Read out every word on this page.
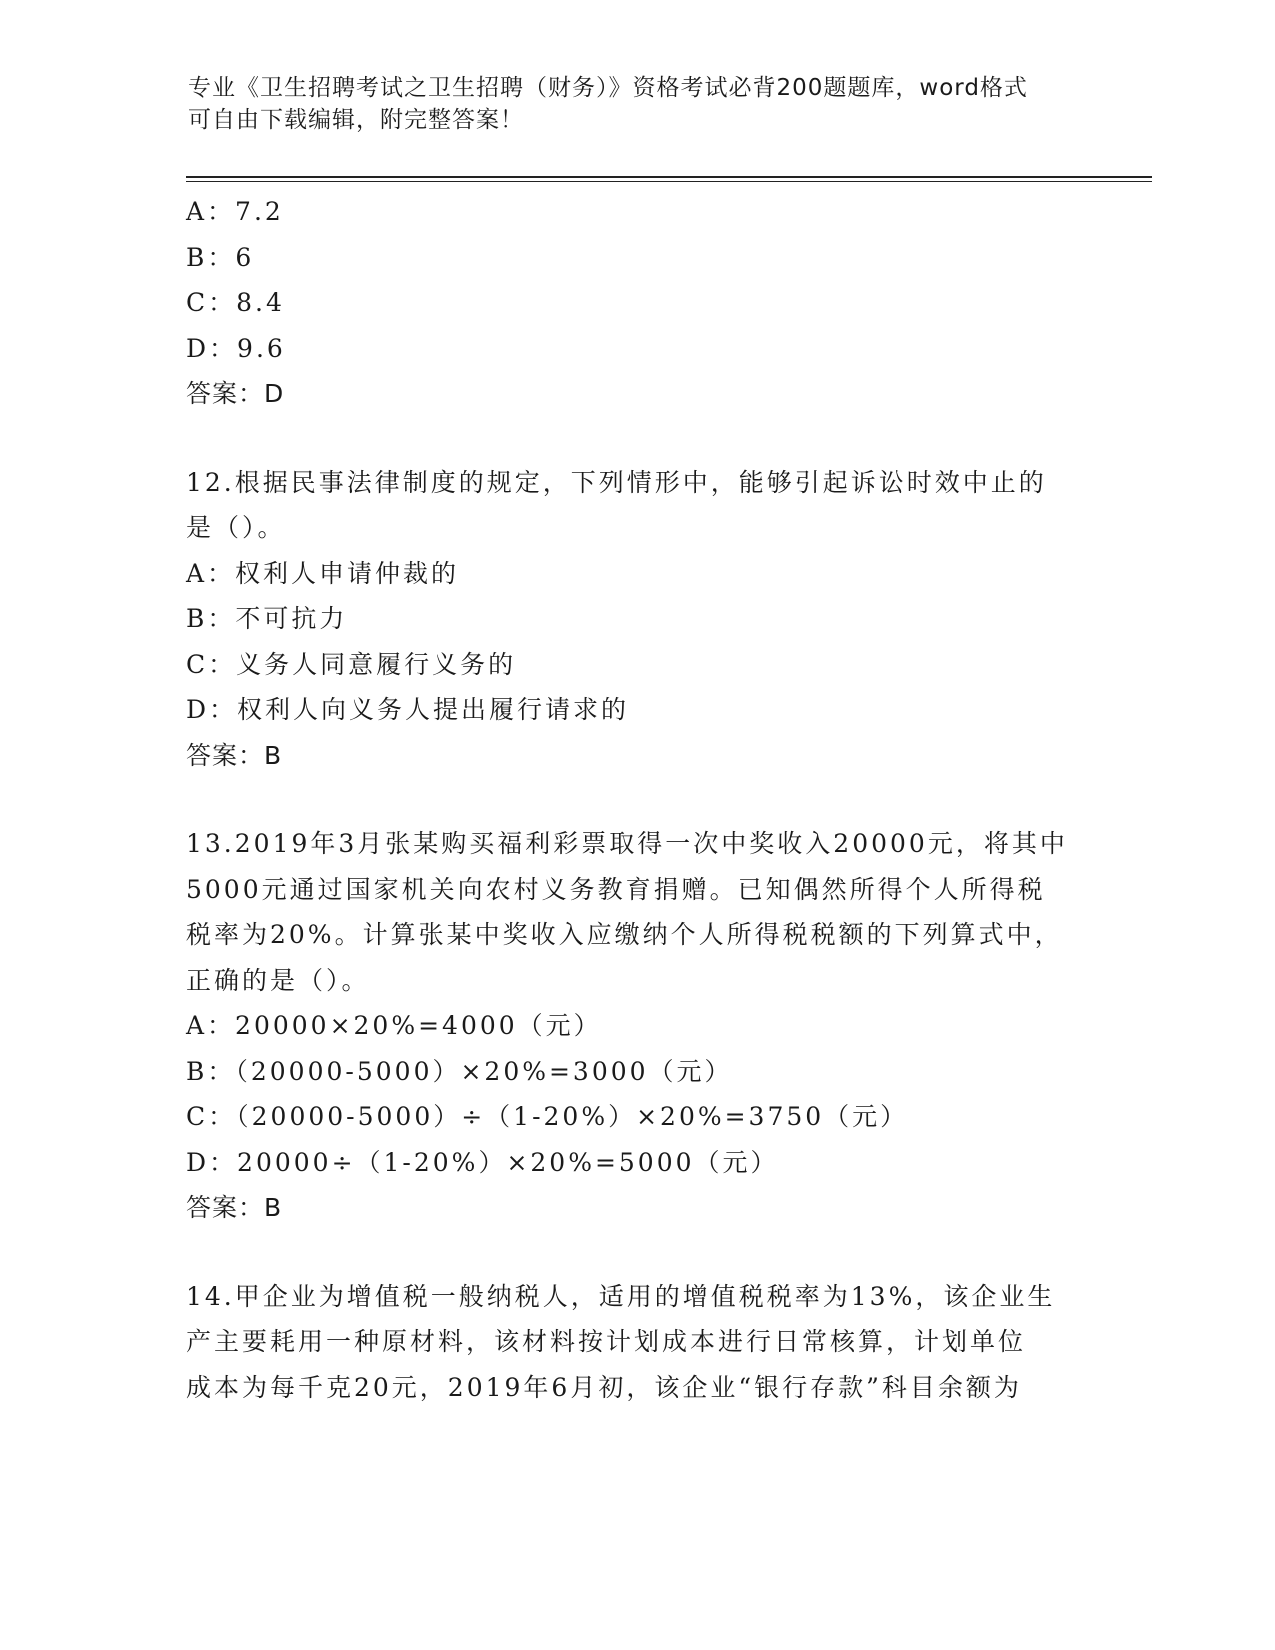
专业《卫生招聘考试之卫生招聘（财务）》资格考试必背200题题库，word格式
可自由下载编辑，附完整答案！
A：7.2
B：6
C：8.4
D：9.6
答案：D
12.根据民事法律制度的规定，下列情形中，能够引起诉讼时效中止的
是（）。
A：权利人申请仲裁的
B：不可抗力
C：义务人同意履行义务的
D：权利人向义务人提出履行请求的
答案：B
13.2019年3月张某购买福利彩票取得一次中奖收入20000元，将其中
5000元通过国家机关向农村义务教育捐赠。已知偶然所得个人所得税
税率为20%。计算张某中奖收入应缴纳个人所得税税额的下列算式中，
正确的是（）。
A：20000×20%=4000（元）
B：（20000-5000）×20%=3000（元）
C：（20000-5000）÷（1-20%）×20%=3750（元）
D：20000÷（1-20%）×20%=5000（元）
答案：B
14.甲企业为增值税一般纳税人，适用的增值税税率为13%，该企业生
产主要耗用一种原材料，该材料按计划成本进行日常核算，计划单位
成本为每千克20元，2019年6月初，该企业“银行存款”科目余额为
